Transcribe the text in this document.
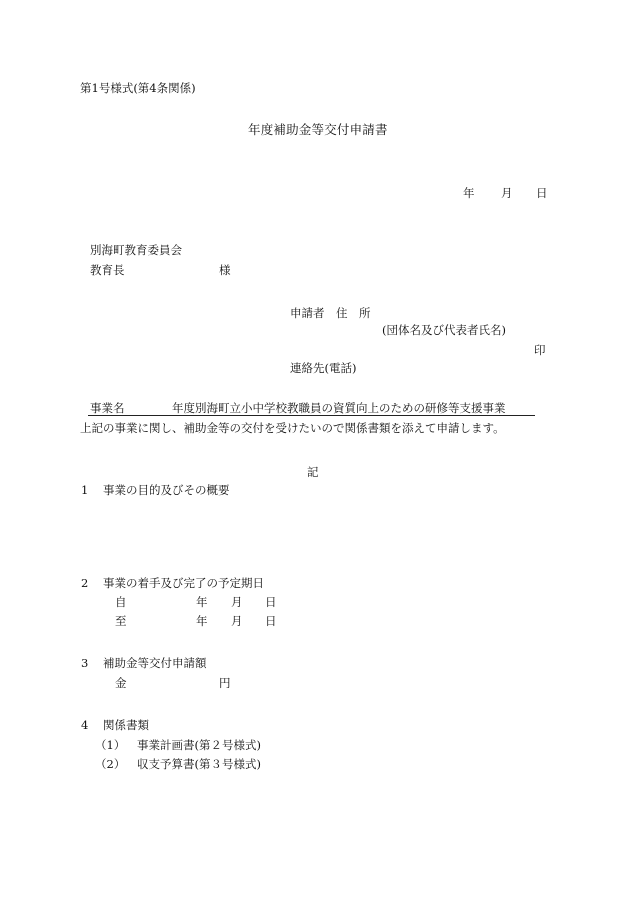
第1号様式(第4条関係)
年度補助金等交付申請書
年 月 日
別海町教育委員会
教育長	様
申請者 住　所
(団体名及び代表者氏名)
印
連絡先(電話)
事業名	年度別海町立小中学校教職員の資質向上のための研修等支援事業
上記の事業に関し、補助金等の交付を受けたいので関係書類を添えて申請します。
記
1 事業の目的及びその概要
2 事業の着手及び完了の予定期日
自	年 月 日
至	年 月 日
3 補助金等交付申請額
金	円
4 関係書類
（1） 事業計画書(第２号様式)
（2） 収支予算書(第３号様式)
